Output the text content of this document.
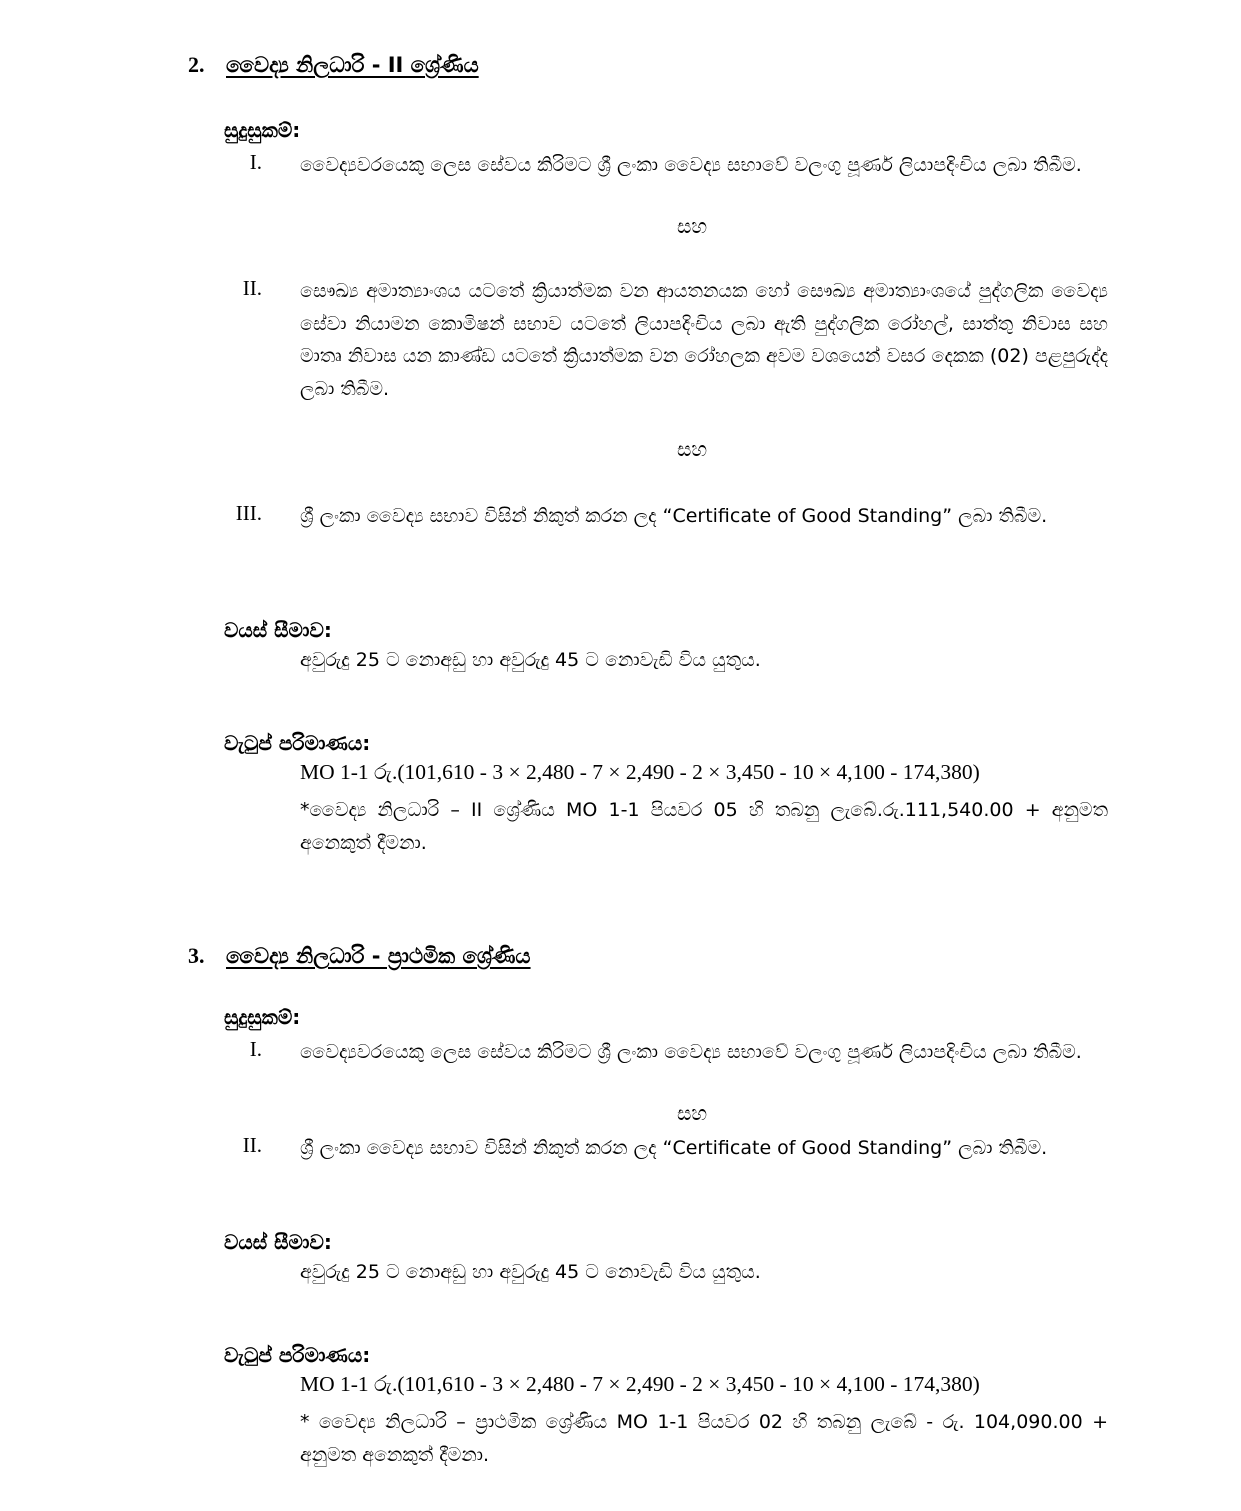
2. වෛද්‍ය නිලධාරි - II ශ්‍රේණිය
සුදුසුකම්:
I. වෛද්‍යවරයෙකු ලෙස සේවය කිරිමට ශ්‍රී ලංකා වෛද්‍ය සභාවේ වලංගු පූර්ණ ලියාපදිංචිය ලබා තිබීම.
සහ
II. සෞඛ්‍ය අමාත්‍යාංශය යටතේ ක්‍රියාත්මක වන ආයතනයක හෝ සෞඛ්‍ය අමාත්‍යාංශයේ පුද්ගලික වෛද්‍ය සේවා නියාමන කොමිෂන් සභාව යටතේ ලියාපදිංචිය ලබා ඇති පුද්ගලික රෝහල්, සාත්තු නිවාස සහ මාතෘ නිවාස යන කාණ්ඩ යටතේ ක්‍රියාත්මක වන රෝහලක අවම වශයෙන් වසර දෙකක (02) පළපුරුද්ද ලබා තිබීම.
සහ
III. ශ්‍රී ලංකා වෛද්‍ය සභාව විසින් නිකුත් කරන ලද “Certificate of Good Standing” ලබා තිබීම.
වයස් සීමාව:
අවුරුදු 25 ට නොඅඩු හා අවුරුදු 45 ට නොවැඩි විය යුතුය.
වැටුප් පරිමාණය:
MO 1-1 රු.(101,610 - 3 × 2,480 - 7 × 2,490 - 2 × 3,450 - 10 × 4,100 - 174,380)
*වෛද්‍ය නිලධාරි – II ශ්‍රේණිය MO 1-1 පියවර 05 හි තබනු ලැබේ.රු.111,540.00 + අනුමත අනෙකුත් දීමනා.
3. වෛද්‍ය නිලධාරි - ප්‍රාථමික ශ්‍රේණිය
සුදුසුකම්:
I. වෛද්‍යවරයෙකු ලෙස සේවය කිරිමට ශ්‍රී ලංකා වෛද්‍ය සභාවේ වලංගු පූර්ණ ලියාපදිංචිය ලබා තිබීම.
සහ
II. ශ්‍රී ලංකා වෛද්‍ය සභාව විසින් නිකුත් කරන ලද “Certificate of Good Standing” ලබා තිබීම.
වයස් සීමාව:
අවුරුදු 25 ට නොඅඩු හා අවුරුදු 45 ට නොවැඩි විය යුතුය.
වැටුප් පරිමාණය:
MO 1-1 රු.(101,610 - 3 × 2,480 - 7 × 2,490 - 2 × 3,450 - 10 × 4,100 - 174,380)
* වෛද්‍ය නිලධාරි – ප්‍රාථමික ශ්‍රේණිය MO 1-1 පියවර 02 හි තබනු ලැබේ - රු. 104,090.00 + අනුමත අනෙකුත් දීමනා.
